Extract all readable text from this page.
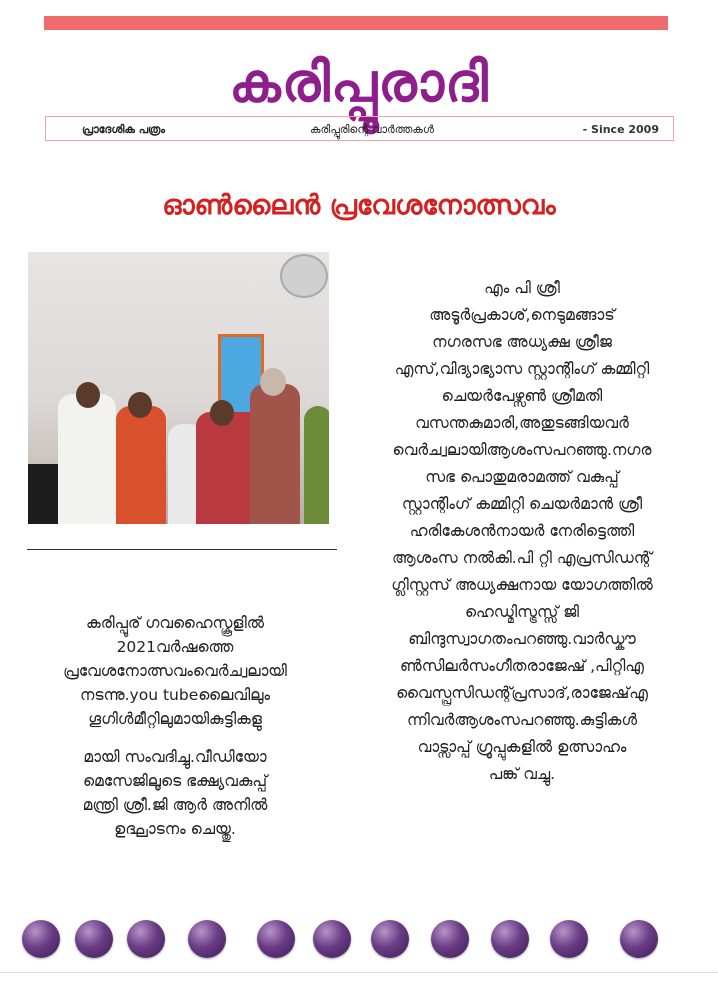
കരിപ്പൂരാദി
പ്രാദേശിക പത്രം	കരിപ്പൂരിന്റെ വാർത്തകൾ	- Since 2009
ഓൺലൈൻ പ്രവേശനോത്സവം

കരിപ്പൂര് ഗവഹൈസ്കൂളിൽ
2021വർഷത്തെ
പ്രവേശനോത്സവംവെർച്വലായി
നടന്നു.you tubeലൈവിലും
ഗൂഗിൾമീറ്റിലുമായികുട്ടികളു

മായി സംവദിച്ചു.വീഡിയോ
മെസേജിലൂടെ ഭക്ഷ്യവകുപ്പ്
മന്ത്രി ശ്രീ.ജി ആർ അനിൽ
ഉദ്ഘാടനം ചെയ്തു.

എം പി ശ്രീ
അടൂർപ്രകാശ്,നെടുമങ്ങാട്
നഗരസഭ അധ്യക്ഷ ശ്രീജ
എസ്,വിദ്യാഭ്യാസ സ്റ്റാന്റിംഗ് കമ്മിറ്റി
ചെയർപേഴ്സൺ ശ്രീമതി
വസന്തകുമാരി,അതുടങ്ങിയവർ
വെർച്വലായിആശംസപറഞ്ഞു.നഗര
സഭ പൊതുമരാമത്ത് വകുപ്പ്
സ്റ്റാന്റിംഗ് കമ്മിറ്റി ചെയർമാൻ ശ്രീ
ഹരികേശൻനായർ നേരിട്ടെത്തി
ആശംസ നൽകി.പി റ്റി എപ്രസിഡന്റ്
ഗ്ലിസ്റ്റസ് അധ്യക്ഷനായ യോഗത്തിൽ
ഹെഡ്മിസ്ട്രസ്സ് ജി
ബിന്ദുസ്വാഗതംപറഞ്ഞു.വാർഡ്കൗ
ൺസിലർസംഗീതരാജേഷ് ,പിറ്റിഎ
വൈസ്പ്രസിഡന്റ്പ്രസാദ്,രാജേഷ്എ
ന്നിവർആശംസപറഞ്ഞു.കുട്ടികൾ
വാട്സാപ്പ് ഗ്രൂപ്പുകളിൽ ഉത്സാഹം
പങ്ക് വച്ചു.
